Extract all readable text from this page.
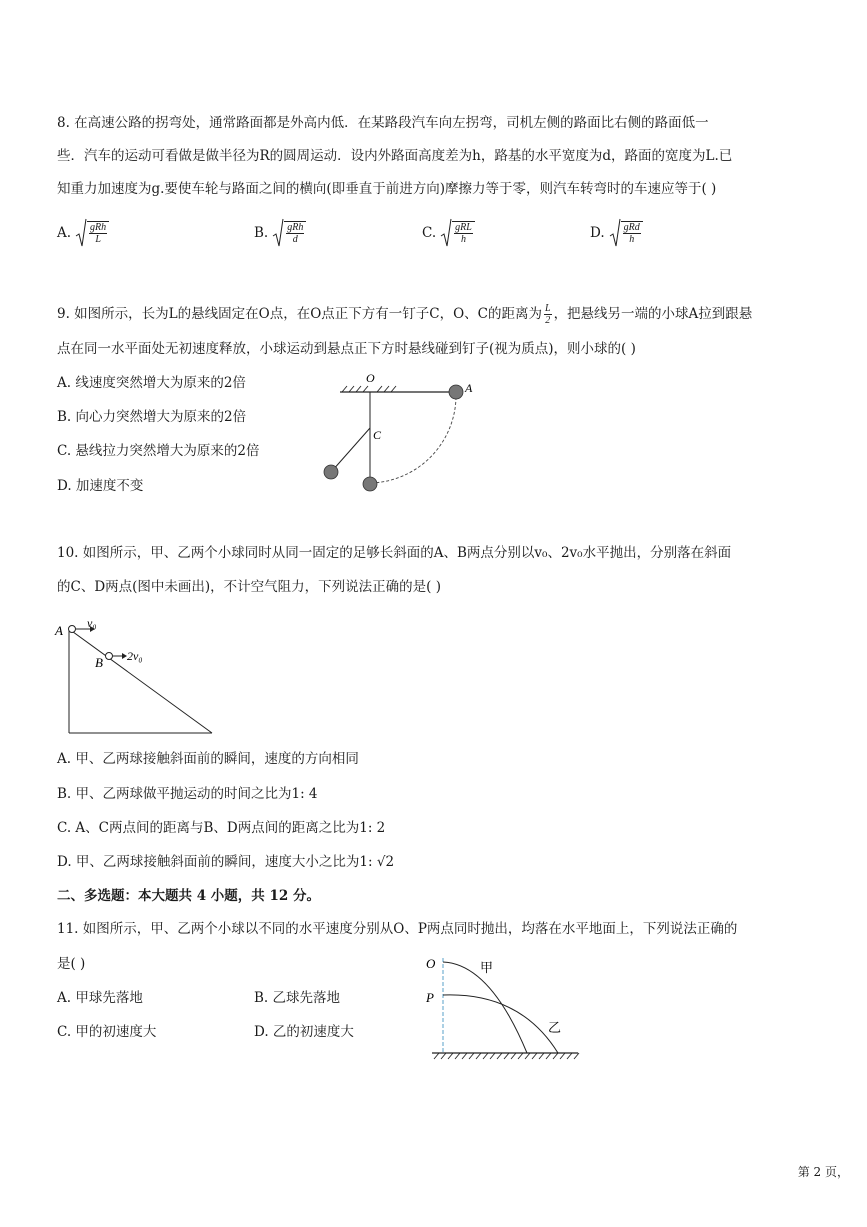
8. 在高速公路的拐弯处，通常路面都是外高内低．在某路段汽车向左拐弯，司机左侧的路面比右侧的路面低一
些．汽车的运动可看做是做半径为R的圆周运动．设内外路面高度差为h，路基的水平宽度为d，路面的宽度为L.已
知重力加速度为g.要使车轮与路面之间的横向(即垂直于前进方向)摩擦力等于零，则汽车转弯时的车速应等于( )
A. $\frac{\text{gRh}}{L}$	B. $\frac{\text{gRh}}{d}$	C. $\frac{\text{gRL}}{h}$	D. $\frac{\text{gRd}}{h}$
9. 如图所示，长为L的悬线固定在O点，在O点正下方有一钉子C，O、C的距离为 $\frac{L}{2}$ ，把悬线另一端的小球A拉到跟悬
点在同一水平面处无初速度释放，小球运动到悬点正下方时悬线碰到钉子(视为质点)，则小球的( )
A. 线速度突然增大为原来的2倍
B. 向心力突然增大为原来的2倍
C. 悬线拉力突然增大为原来的2倍
D. 加速度不变
O
A
C
10. 如图所示，甲、乙两个小球同时从同一固定的足够长斜面的A、B两点分别以v₀、2v₀水平抛出，分别落在斜面
的C、D两点(图中未画出)，不计空气阻力，下列说法正确的是( )
A
B
v₀
2v₀
A. 甲、乙两球接触斜面前的瞬间，速度的方向相同
B. 甲、乙两球做平抛运动的时间之比为1: 4
C. A、C两点间的距离与B、D两点间的距离之比为1: 2
D. 甲、乙两球接触斜面前的瞬间，速度大小之比为1: √2
二、多选题：本大题共 4 小题，共 12 分。
11. 如图所示，甲、乙两个小球以不同的水平速度分别从O、P两点同时抛出，均落在水平地面上，下列说法正确的
是( )
A. 甲球先落地	B. 乙球先落地
C. 甲的初速度大	D. 乙的初速度大
O
P
甲
乙
第 2 页，
